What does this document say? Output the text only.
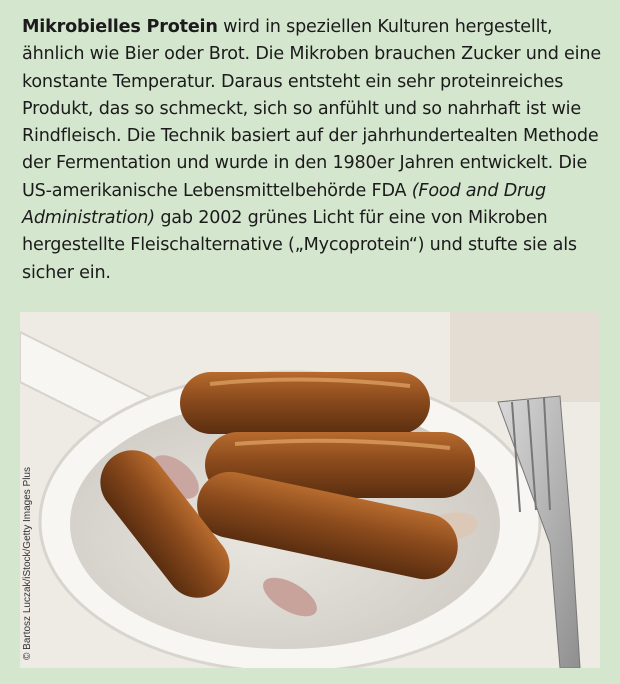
Mikrobielles Protein wird in speziellen Kulturen hergestellt, ähnlich wie Bier oder Brot. Die Mikroben brauchen Zucker und eine konstante Temperatur. Daraus entsteht ein sehr proteinreiches Produkt, das so schmeckt, sich so anfühlt und so nahrhaft ist wie Rindfleisch. Die Technik basiert auf der jahrhundertealten Methode der Fermentation und wurde in den 1980er Jahren entwickelt. Die US-amerikanische Lebensmittelbehörde FDA (Food and Drug Administration) gab 2002 grünes Licht für eine von Mikroben hergestellte Fleischalternative („Mycoprotein“) und stufte sie als sicher ein.

© Bartosz Luczak/iStock/Getty Images Plus
